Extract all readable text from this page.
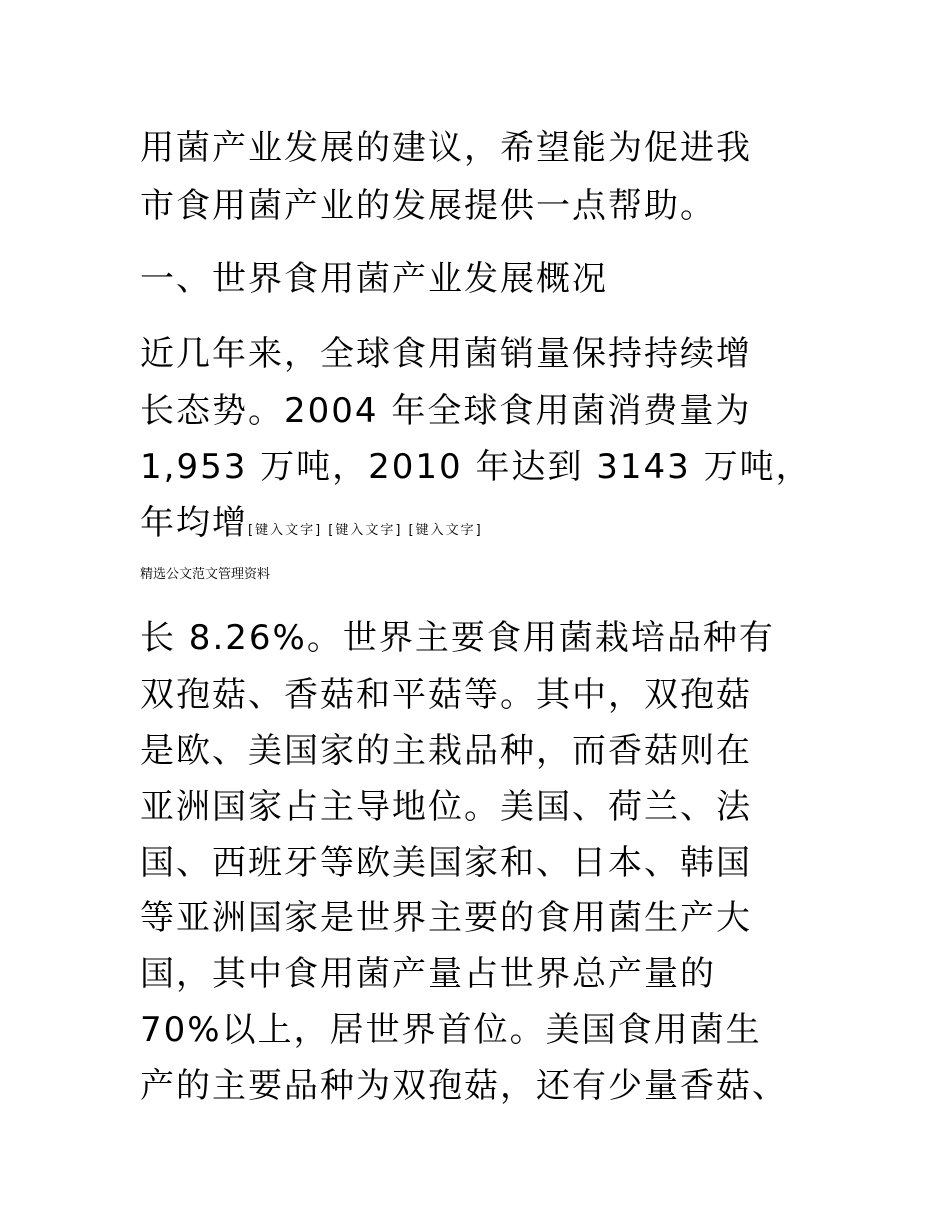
用菌产业发展的建议，希望能为促进我

市食用菌产业的发展提供一点帮助。

一、世界食用菌产业发展概况

近几年来，全球食用菌销量保持持续增

长态势。2004 年全球食用菌消费量为

1,953 万吨，2010 年达到 3143 万吨，

年均增[键入文字] [键入文字] [键入文字]

精选公文范文管理资料

长 8.26%。世界主要食用菌栽培品种有

双孢菇、香菇和平菇等。其中，双孢菇

是欧、美国家的主栽品种，而香菇则在

亚洲国家占主导地位。美国、荷兰、法

国、西班牙等欧美国家和、日本、韩国

等亚洲国家是世界主要的食用菌生产大

国，其中食用菌产量占世界总产量的

70%以上，居世界首位。美国食用菌生

产的主要品种为双孢菇，还有少量香菇、
